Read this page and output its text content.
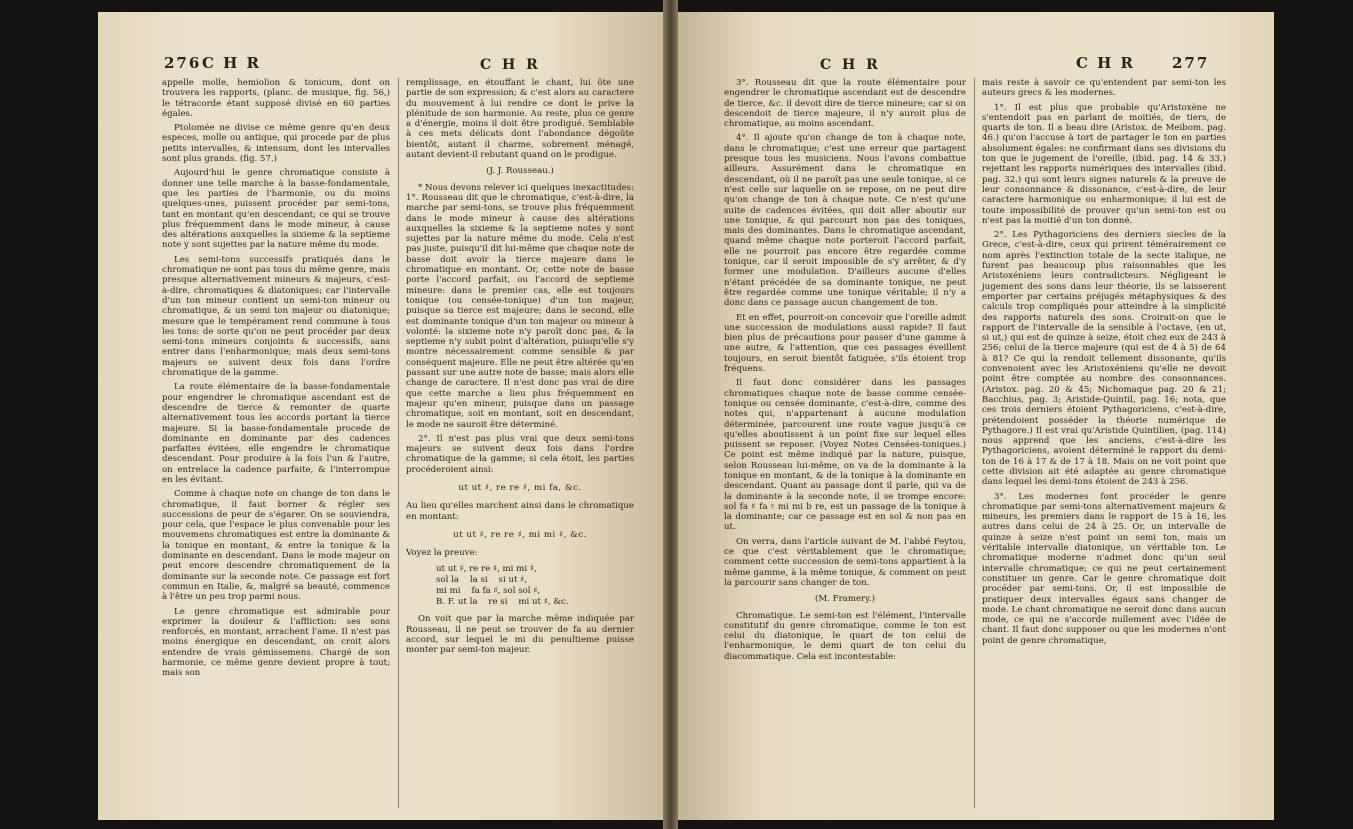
276 C H R	C H R

appelle molle, hemiolion & tonicum, dont on trouvera les rapports, (planc. de musique, fig. 56,) le tétracorde étant supposé divisé en 60 parties égales.

Ptolomée ne divise ce même genre qu'en deux especes, molle ou antique, qui procede par de plus petits intervalles, & intensum, dont les intervalles sont plus grands. (fig. 57.)

Aujourd'hui le genre chromatique consiste à donner une telle marche à la basse-fondamentale, que les parties de l'harmonie, ou du moins quelques-unes, puissent procéder par semi-tons, tant en montant qu'en descendant; ce qui se trouve plus fréquemment dans le mode mineur, à cause des altérations auxquelles la sixieme & la septieme note y sont sujettes par la nature même du mode.

Les semi-tons successifs pratiqués dans le chromatique ne sont pas tous du même genre, mais presque alternativement mineurs & majeurs, c'est-à-dire, chromatiques & diatoniques; car l'intervalle d'un ton mineur contient un semi-ton mineur ou chromatique, & un semi ton majeur ou diatonique; mesure que le tempérament rend commune à tous les tons: de sorte qu'on ne peut procéder par deux semi-tons mineurs conjoints & successifs, sans entrer dans l'enharmonique; mais deux semi-tons majeurs se suivent deux fois dans l'ordre chromatique de la gamme.

La route élémentaire de la basse-fondamentale pour engendrer le chromatique ascendant est de descendre de tierce & remonter de quarte alternativement tous les accords portant la tierce majeure. Si la basse-fondamentale procede de dominante en dominante par des cadences parfaites évitées, elle engendre le chromatique descendant. Pour produire à la fois l'un & l'autre, on entrelace la cadence parfaite, & l'interrompue en les évitant.

Comme à chaque note on change de ton dans le chromatique, il faut borner & régler ses successions de peur de s'égarer. On se souviendra, pour cela, que l'espace le plus convenable pour les mouvemens chromatiques est entre la dominante & la tonique en montant, & entre la tonique & la dominante en descendant. Dans le mode majeur on peut encore descendre chromatiquement de la dominante sur la seconde note. Ce passage est fort commun en Italie, &, malgré sa beauté, commence à l'être un peu trop parmi nous.

Le genre chromatique est admirable pour exprimer la douleur & l'affliction: ses sons renforcés, en montant, arrachent l'ame. Il n'est pas moins énergique en descendant, on croit alors entendre de vrais gémissemens. Chargé de son harmonie, ce même genre devient propre à tout; mais son

remplissage, en étouffant le chant, lui ôte une partie de son expression; & c'est alors au caractere du mouvement à lui rendre ce dont le prive la plénitude de son harmonie. Au reste, plus ce genre a d'énergie, moins il doit être prodigué. Semblable à ces mets délicats dont l'abondance dégoûte bientôt, autant il charme, sobrement ménagé, autant devient-il rebutant quand on le prodigue.

(J. J. Rousseau.)

* Nous devons relever ici quelques inexactitudes: 1°. Rousseau dit que le chromatique, c'est-à-dire, la marche par semi-tons, se trouve plus fréquemment dans le mode mineur à cause des altérations auxquelles la sixieme & la septieme notes y sont sujettes par la nature même du mode. Cela n'est pas juste, puisqu'il dit lui-même que chaque note de basse doit avoir la tierce majeure dans le chromatique en montant. Or, cette note de basse porte l'accord parfait, ou l'accord de septieme mineure: dans le premier cas, elle est toujours tonique (ou censée-tonique) d'un ton majeur, puisque sa tierce est majeure; dans le second, elle est dominante tonique d'un ton majeur ou mineur à volonté: la sixieme note n'y paroît donc pas, & la septieme n'y subit point d'altération, puisqu'elle s'y montre nécessairement comme sensible & par conséquent majeure. Elle ne peut être altérée qu'en passant sur une autre note de basse; mais alors elle change de caractere. Il n'est donc pas vrai de dire que cette marche a lieu plus fréquemment en majeur qu'en mineur, puisque dans un passage chromatique, soit en montant, soit en descendant, le mode ne sauroit être déterminé.

2°. Il n'est pas plus vrai que deux semi-tons majeurs se suivent deux fois dans l'ordre chromatique de la gamme; si cela étoit, les parties procéderoient ainsi:

ut ut ♯, re re ♯, mi fa, &c.

Au lieu qu'elles marchent ainsi dans le chromatique en montant:

ut ut ♯, re re ♯, mi mi ♯, &c.

Voyez la preuve:

ut ut ♯, re re ♯, mi mi ♯,
sol la    la si    si ut ♯,
mi mi    fa fa ♯, sol sol ♯,
B. F. ut la    re si    mi ut ♯, &c.

On voit que par la marche même indiquée par Rousseau, il ne peut se trouver de fa au dernier accord, sur lequel le mi du penultieme puisse monter par semi-ton majeur.

C H R	C H R 277

3°. Rousseau dit que la route élémentaire pour engendrer le chromatique ascendant est de descendre de tierce, &c. il devoit dire de tierce mineure; car si on descendoit de tierce majeure, il n'y auroit plus de chromatique, au moins ascendant.

4°. Il ajoute qu'on change de ton à chaque note, dans le chromatique; c'est une erreur que partagent presque tous les musiciens. Nous l'avons combattue ailleurs. Assurément dans le chromatique en descendant, où il ne paroît pas une seule tonique, si ce n'est celle sur laquelle on se repose, on ne peut dire qu'on change de ton à chaque note. Ce n'est qu'une suite de cadences évitées, qui doit aller aboutir sur une tonique, & qui parcourt non pas des toniques, mais des dominantes. Dans le chromatique ascendant, quand même chaque note porteroit l'accord parfait, elle ne pourroit pas encore être regardée comme tonique, car il seroit impossible de s'y arrêter, & d'y former une modulation. D'ailleurs aucune d'elles n'étant précédée de sa dominante tonique, ne peut être regardée comme une tonique véritable; il n'y a donc dans ce passage aucun changement de ton.

Et en effet, pourroit-on concevoir que l'oreille admit une succession de modulations aussi rapide? Il faut bien plus de précautions pour passer d'une gamme à une autre, & l'attention, que ces passages éveillent toujours, en seroit bientôt fatiguée, s'ils étoient trop fréquens.

Il faut donc considérer dans les passages chromatiques chaque note de basse comme censée-tonique ou censée dominante, c'est-à-dire, comme des notes qui, n'appartenant à aucune modulation déterminée, parcourent une route vague jusqu'à ce qu'elles aboutissent à un point fixe sur lequel elles puissent se reposer. (Voyez Notes Censées-toniques.) Ce point est même indiqué par la nature, puisque, selon Rousseau lui-même, on va de la dominante à la tonique en montant, & de la tonique à la dominante en descendant. Quant au passage dont il parle, qui va de la dominante à la seconde note, il se trompe encore: sol fa ♯ fa ♮ mi mi b re, est un passage de la tonique à la dominante; car ce passage est en sol & non pas en ut.

On verra, dans l'article suivant de M. l'abbé Feytou, ce que c'est véritablement que le chromatique; comment cette succession de semi-tons appartient à la même gamme, à la même tonique, & comment on peut la parcourir sans changer de ton.

(M. Framery.)

Chromatique. Le semi-ton est l'élément, l'intervalle constitutif du genre chromatique, comme le ton est celui du diatonique, le quart de ton celui de l'enharmonique, le demi quart de ton celui du diacommatique. Cela est incontestable:

mais reste à savoir ce qu'entendent par semi-ton les auteurs grecs & les modernes.

1°. Il est plus que probable qu'Aristoxène ne s'entendoit pas en parlant de moitiés, de tiers, de quarts de ton. Il a beau dire (Aristox. de Meibom. pag. 46.) qu'on l'accuse à tort de partager le ton en parties absolument égales: ne confirmant dans ses divisions du ton que le jugement de l'oreille, (ibid. pag. 14 & 33.) rejettant les rapports numériques des intervalles (ibid. pag. 32.) qui sont leurs signes naturels & la preuve de leur consonnance & dissonance, c'est-à-dire, de leur caractere harmonique ou enharmonique; il lui est de toute impossibilité de prouver qu'un semi-ton est ou n'est pas la moitié d'un ton donné.

2°. Les Pythagoriciens des derniers siecles de la Grece, c'est-à-dire, ceux qui prirent témérairement ce nom après l'extinction totale de la secte italique, ne furent pas beaucoup plus raisonnables que les Aristoxéniens leurs contradicteurs. Négligeant le jugement des sons dans leur théorie, ils se laisserent emporter par certains préjugés métaphysiques & des calculs trop compliqués pour atteindre à la simplicité des rapports naturels des sons. Croirait-on que le rapport de l'intervalle de la sensible à l'octave, (en ut, si ut,) qui est de quinze à seize, étoit chez eux de 243 à 256; celui de la tierce majeure (qui est de 4 à 5) de 64 à 81? Ce qui la rendoit tellement dissonante, qu'ils convenoient avec les Aristoxéniens qu'elle ne devoit point être comptée au nombre des consonnances. (Aristox. pag. 20 & 45; Nichomaque pag. 20 & 21; Bacchius, pag. 3; Aristide-Quintil, pag. 16; nota, que ces trois derniers étoient Pythagoriciens, c'est-à-dire, prétendoient posséder la théorie numérique de Pythagore.) Il est vrai qu'Aristide Quintilien, (pag. 114) nous apprend que les anciens, c'est-à-dire les Pythagoriciens, avoient déterminé le rapport du demi-ton de 16 à 17 & de 17 à 18. Mais on ne voit point que cette division ait été adaptée au genre chromatique dans lequel les demi-tons étoient de 243 à 256.

3°. Les modernes font procéder le genre chromatique par semi-tons alternativement majeurs & mineurs, les premiers dans le rapport de 15 à 16, les autres dans celui de 24 à 25. Or, un intervalle de quinze à seize n'est point un semi ton, mais un véritable intervalle diatonique, un véritable ton. Le chromatique moderne n'admet donc qu'un seul intervalle chromatique; ce qui ne peut certainement constituer un genre. Car le genre chromatique doit procéder par semi-tons. Or, il est impossible de pratiquer deux intervalles égaux sans changer de mode. Le chant chromatique ne seroit donc dans aucun mode, ce qui ne s'accorde nullement avec l'idée de chant. Il faut donc supposer ou que les modernes n'ont point de genre chromatique,
